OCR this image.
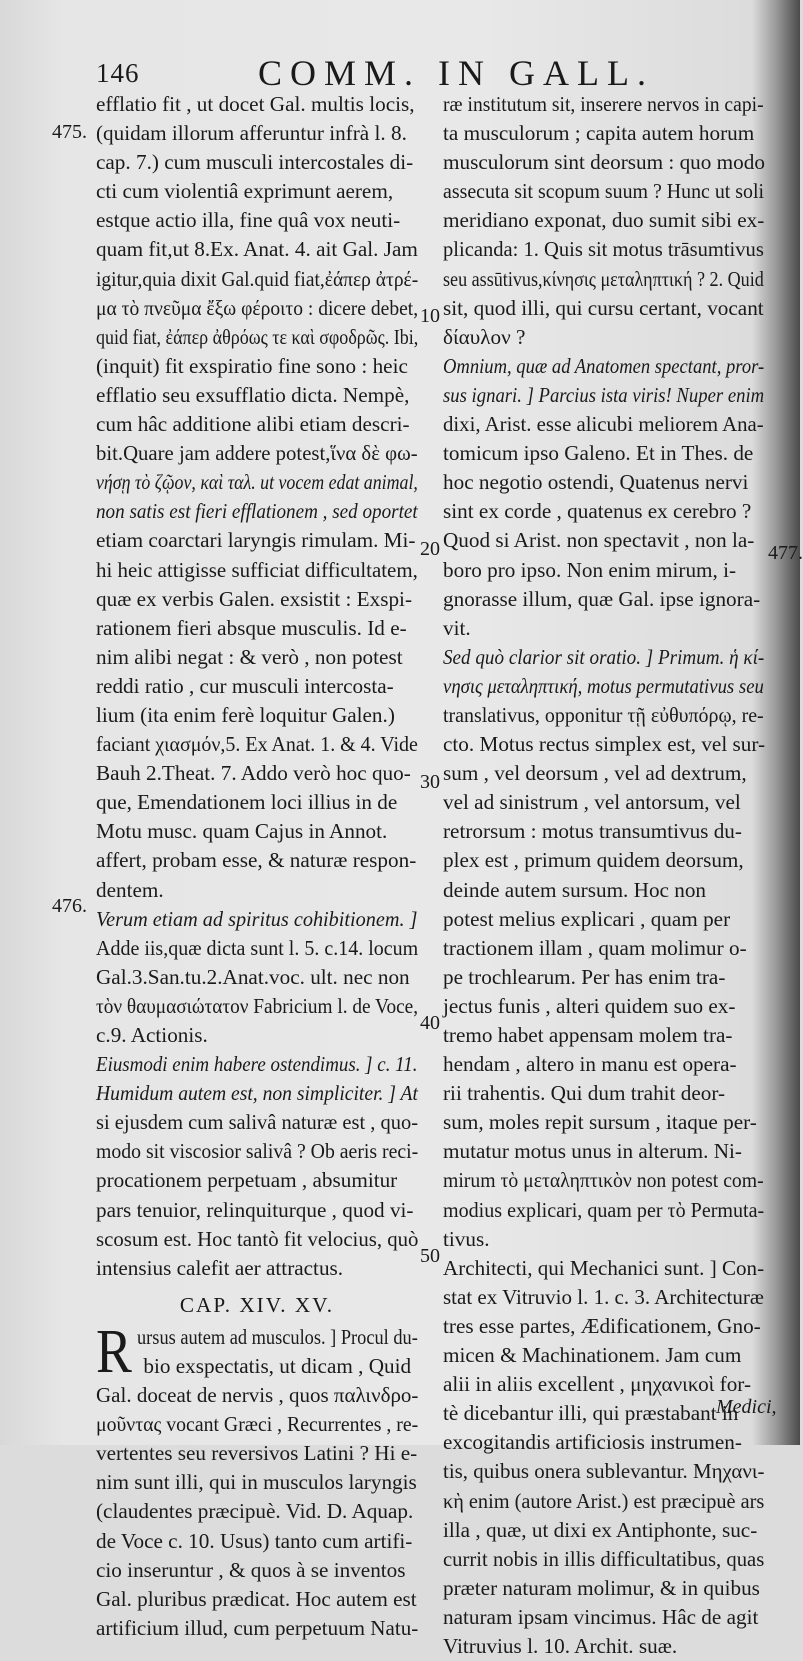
146	COMM. IN GALL.
efflatio fit , ut docet Gal. multis locis,
(quidam illorum afferuntur infrà l. 8.
cap. 7.) cum musculi intercostales di-
cti cum violentiâ exprimunt aerem,
estque actio illa, fine quâ vox neuti-
quam fit,ut 8.Ex. Anat. 4. ait Gal. Jam
igitur,quia dixit Gal.quid fiat,ἐάπερ ἀτρέ-
μα τὸ πνεῦμα ἔξω φέροιτο : dicere debet,
quid fiat, ἐάπερ ἀθρόως τε καὶ σφοδρῶς. Ibi,
(inquit) fit exspiratio fine sono : heic
efflatio seu exsufflatio dicta. Nempè,
cum hâc additione alibi etiam descri-
bit.Quare jam addere potest,ἵνα δὲ φω-
νήσῃ τὸ ζῷον, καὶ ταλ. ut vocem edat animal,
non satis est fieri efflationem , sed oportet
etiam coarctari laryngis rimulam. Mi-
hi heic attigisse sufficiat difficultatem,
quæ ex verbis Galen. exsistit : Exspi-
rationem fieri absque musculis. Id e-
nim alibi negat : & verò , non potest
reddi ratio , cur musculi intercosta-
lium (ita enim ferè loquitur Galen.)
faciant χιασμόν,5. Ex Anat. 1. & 4. Vide
Bauh 2.Theat. 7. Addo verò hoc quo-
que, Emendationem loci illius in de
Motu musc. quam Cajus in Annot.
affert, probam esse, & naturæ respon-
dentem.
Verum etiam ad spiritus cohibitionem. ]
Adde iis,quæ dicta sunt l. 5. c.14. locum
Gal.3.San.tu.2.Anat.voc. ult. nec non
τὸν θαυμασιώτατον Fabricium l. de Voce,
c.9. Actionis.
Eiusmodi enim habere ostendimus. ] c. 11.
Humidum autem est, non simpliciter. ] At
si ejusdem cum salivâ naturæ est , quo-
modo sit viscosior salivâ ? Ob aeris reci-
procationem perpetuam , absumitur
pars tenuior, relinquiturque , quod vi-
scosum est. Hoc tantò fit velocius, quò
intensius calefit aer attractus.
CAP. XIV. XV.
Rursus autem ad musculos. ] Procul du-
bio exspectatis, ut dicam , Quid
Gal. doceat de nervis , quos παλινδρο-
μοῦντας vocant Græci , Recurrentes , re-
vertentes seu reversivos Latini ? Hi e-
nim sunt illi, qui in musculos laryngis
(claudentes præcipuè. Vid. D. Aquap.
de Voce c. 10. Usus) tanto cum artifi-
cio inseruntur , & quos à se inventos
Gal. pluribus prædicat. Hoc autem est
artificium illud, cum perpetuum Natu-
ræ institutum sit, inserere nervos in capi-
ta musculorum ; capita autem horum
musculorum sint deorsum : quo modo
assecuta sit scopum suum ? Hunc ut soli
meridiano exponat, duo sumit sibi ex-
plicanda: 1. Quis sit motus trāsumtivus
seu assūtivus,κίνησις μεταληπτική ? 2. Quid
sit, quod illi, qui cursu certant, vocant
δίαυλον ?
Omnium, quæ ad Anatomen spectant, pror-
sus ignari. ] Parcius ista viris! Nuper enim
dixi, Arist. esse alicubi meliorem Ana-
tomicum ipso Galeno. Et in Thes. de
hoc negotio ostendi, Quatenus nervi
sint ex corde , quatenus ex cerebro ?
Quod si Arist. non spectavit , non la-
boro pro ipso. Non enim mirum, i-
gnorasse illum, quæ Gal. ipse ignora-
vit.
Sed quò clarior sit oratio. ] Primum. ἡ κί-
νησις μεταληπτική, motus permutativus seu
translativus, opponitur τῇ εὐθυπόρῳ, re-
cto. Motus rectus simplex est, vel sur-
sum , vel deorsum , vel ad dextrum,
vel ad sinistrum , vel antorsum, vel
retrorsum : motus transumtivus du-
plex est , primum quidem deorsum,
deinde autem sursum. Hoc non
potest melius explicari , quam per
tractionem illam , quam molimur o-
pe trochlearum. Per has enim tra-
jectus funis , alteri quidem suo ex-
tremo habet appensam molem tra-
hendam , altero in manu est opera-
rii trahentis. Qui dum trahit deor-
sum, moles repit sursum , itaque per-
mutatur motus unus in alterum. Ni-
mirum τὸ μεταληπτικὸν non potest com-
modius explicari, quam per τὸ Permuta-
tivus.
Architecti, qui Mechanici sunt. ] Con-
stat ex Vitruvio l. 1. c. 3. Architecturæ
tres esse partes, Ædificationem, Gno-
micen & Machinationem. Jam cum
alii in aliis excellent , μηχανικοὶ for-
tè dicebantur illi, qui præstabant in
excogitandis artificiosis instrumen-
tis, quibus onera sublevantur. Μηχανι-
κὴ enim (autore Arist.) est præcipuè ars
illa , quæ, ut dixi ex Antiphonte, suc-
currit nobis in illis difficultatibus, quas
præter naturam molimur, & in quibus
naturam ipsam vincimus. Hâc de agit
Vitruvius l. 10. Archit. suæ.
475.
476.
477.
10
20
30
40
50
Medici,
